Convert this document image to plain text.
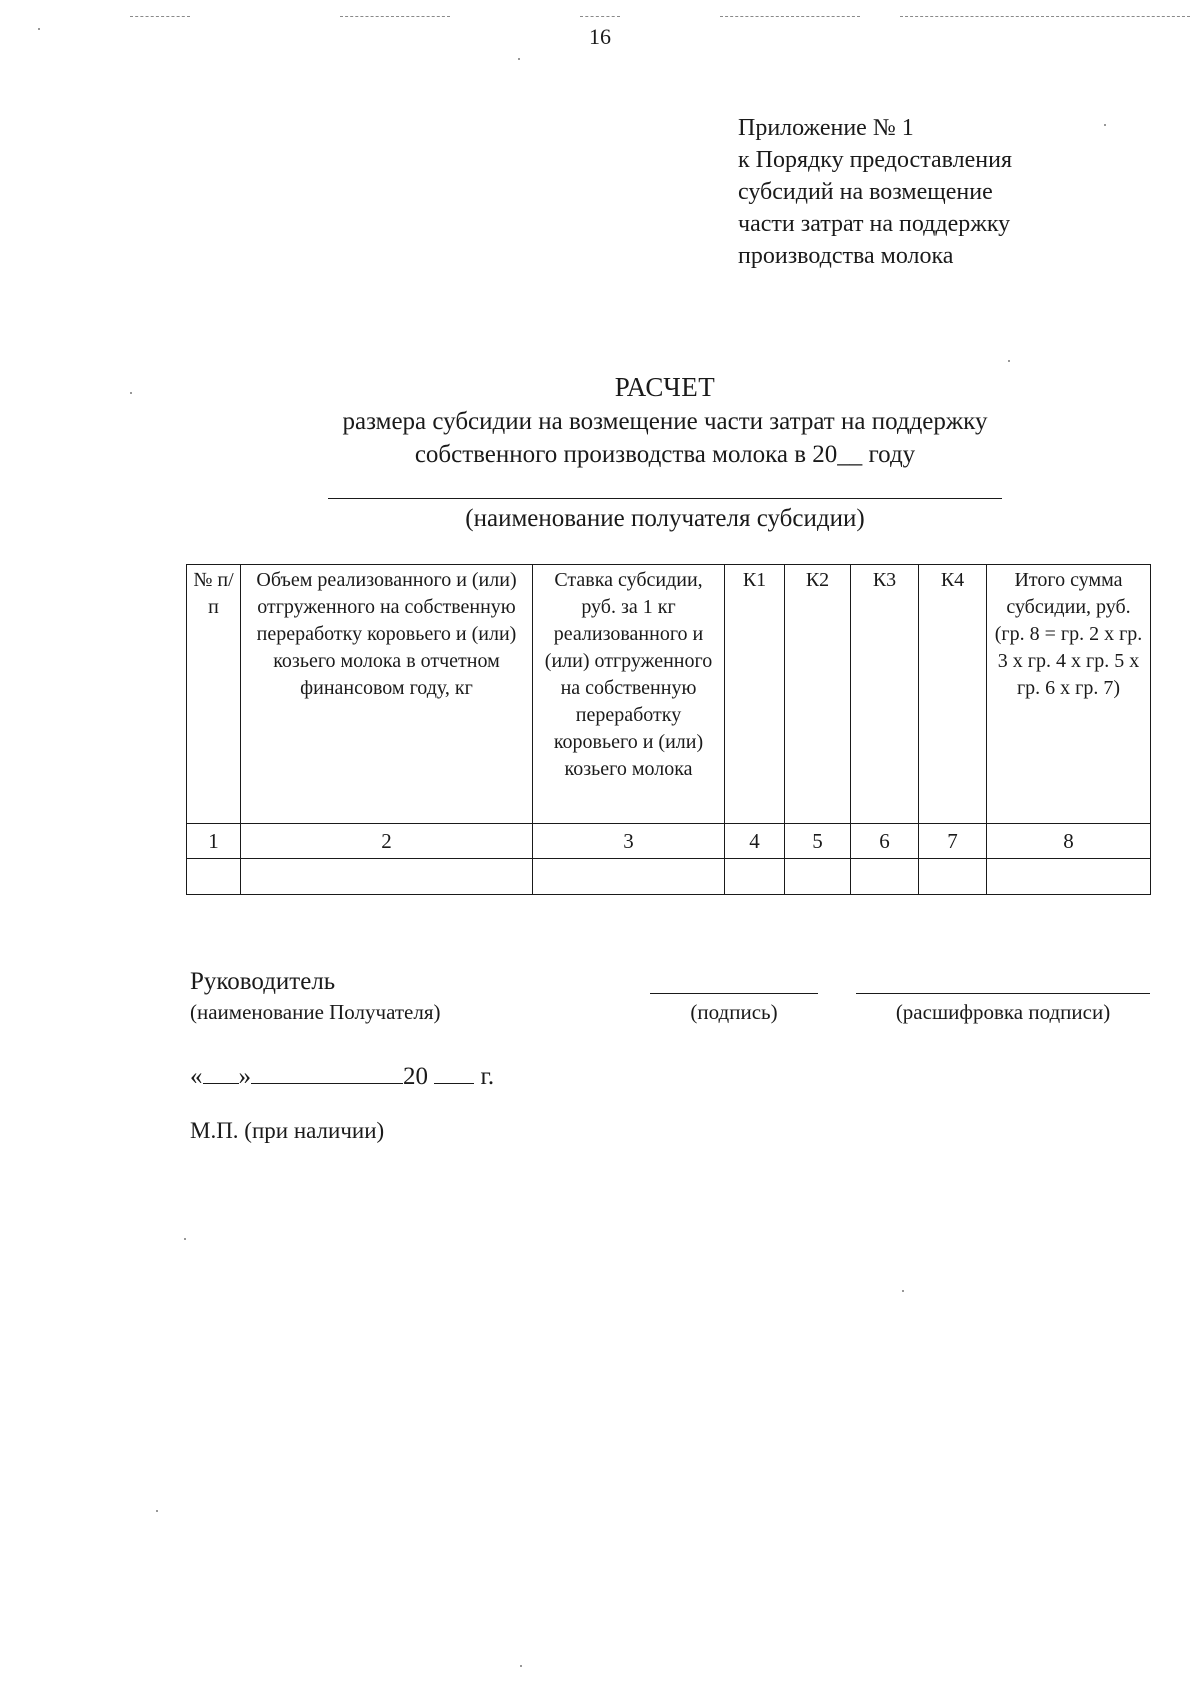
16
Приложение № 1
к Порядку предоставления
субсидий на возмещение
части затрат на поддержку
производства молока
РАСЧЕТ
размера субсидии на возмещение части затрат на поддержку
собственного производства молока в 20__ году
(наименование получателя субсидии)
№ п/п	Объем реализованного и (или) отгруженного на собственную переработку коровьего и (или) козьего молока в отчетном финансовом году, кг	Ставка субсидии, руб. за 1 кг реализованного и (или) отгруженного на собственную переработку коровьего и (или) козьего молока	К1	К2	К3	К4	Итого сумма субсидии, руб. (гр. 8 = гр. 2 х гр. 3 х гр. 4 х гр. 5 х гр. 6 х гр. 7)
1	2	3	4	5	6	7	8

Руководитель
(наименование Получателя)	(подпись)	(расшифровка подписи)
« »	20 г.
М.П. (при наличии)
